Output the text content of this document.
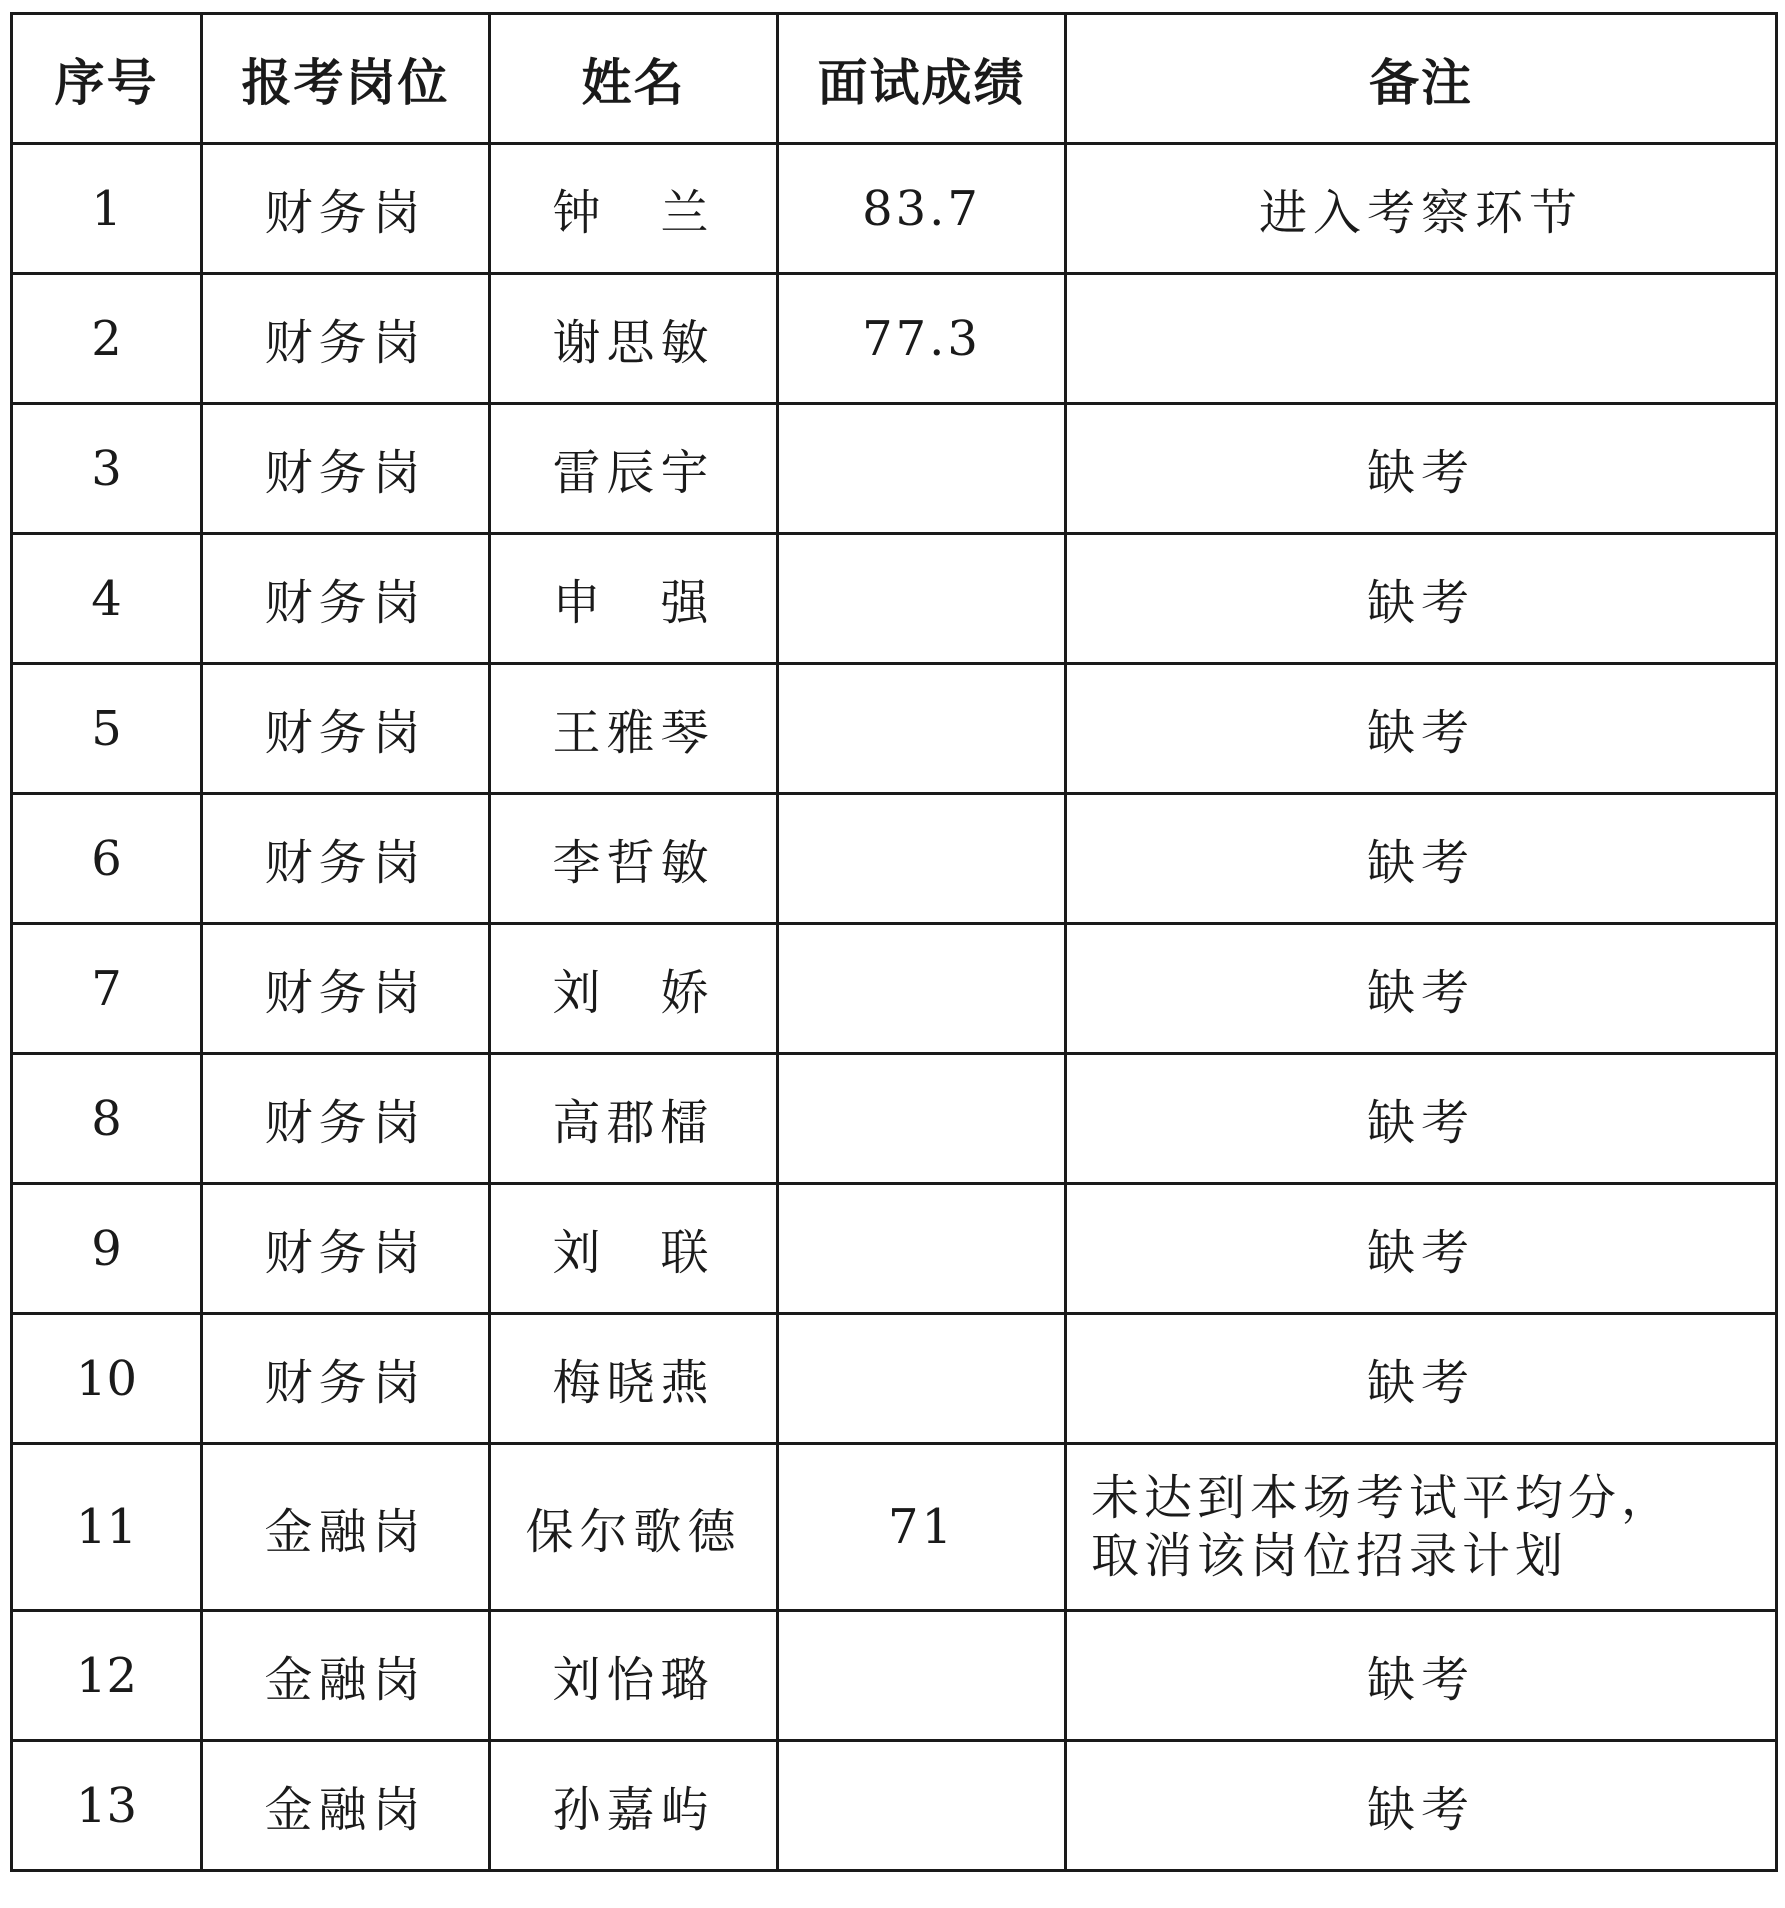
序号	报考岗位	姓名	面试成绩	备注
1	财务岗	钟　兰	83.7	进入考察环节
2	财务岗	谢思敏	77.3	
3	财务岗	雷辰宇		缺考
4	财务岗	申　强		缺考
5	财务岗	王雅琴		缺考
6	财务岗	李哲敏		缺考
7	财务岗	刘　娇		缺考
8	财务岗	高郡檑		缺考
9	财务岗	刘　联		缺考
10	财务岗	梅晓燕		缺考
11	金融岗	保尔歌德	71	未达到本场考试平均分，
取消该岗位招录计划

12	金融岗	刘怡璐		缺考
13	金融岗	孙嘉屿		缺考
